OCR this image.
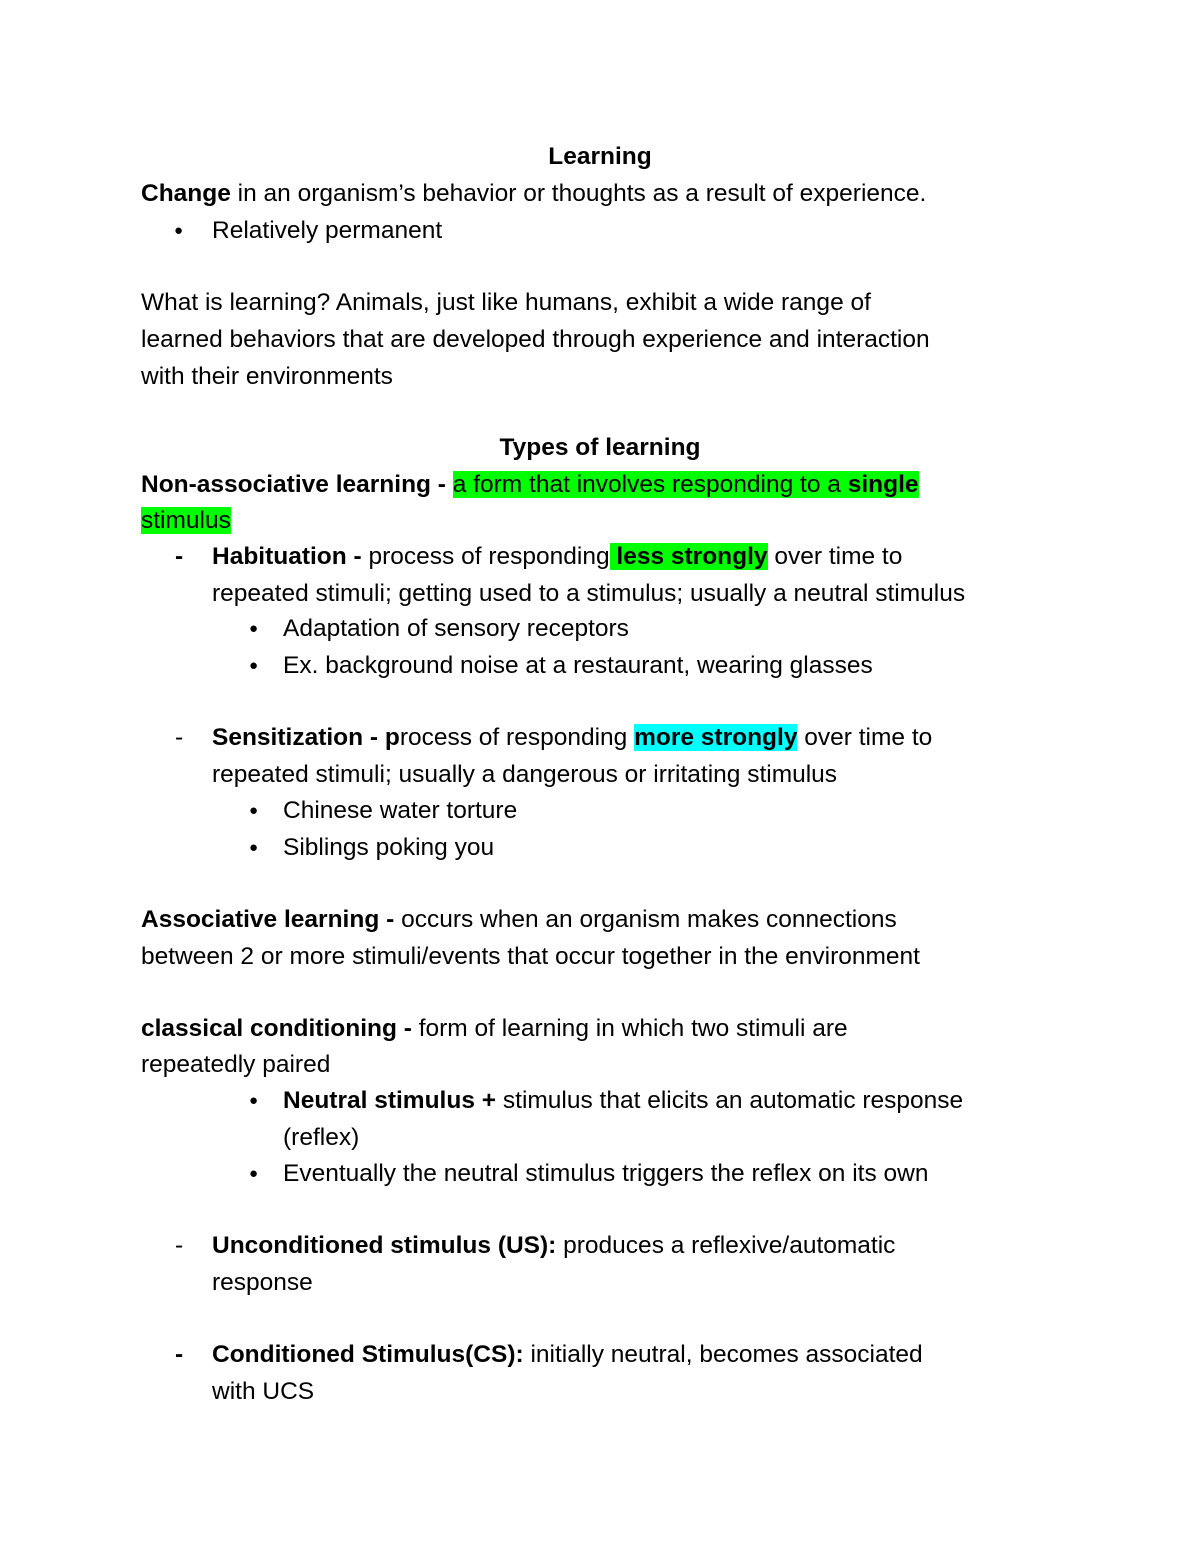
Learning
Change in an organism’s behavior or thoughts as a result of experience.
● Relatively permanent
What is learning? Animals, just like humans, exhibit a wide range of
learned behaviors that are developed through experience and interaction
with their environments
Types of learning
Non-associative learning - a form that involves responding to a single
stimulus
- Habituation - process of responding less strongly over time to
repeated stimuli; getting used to a stimulus; usually a neutral stimulus
● Adaptation of sensory receptors
● Ex. background noise at a restaurant, wearing glasses
- Sensitization - process of responding more strongly over time to
repeated stimuli; usually a dangerous or irritating stimulus
● Chinese water torture
● Siblings poking you
Associative learning - occurs when an organism makes connections
between 2 or more stimuli/events that occur together in the environment
classical conditioning - form of learning in which two stimuli are
repeatedly paired
● Neutral stimulus + stimulus that elicits an automatic response
(reflex)
● Eventually the neutral stimulus triggers the reflex on its own
- Unconditioned stimulus (US): produces a reflexive/automatic
response
- Conditioned Stimulus(CS): initially neutral, becomes associated
with UCS
